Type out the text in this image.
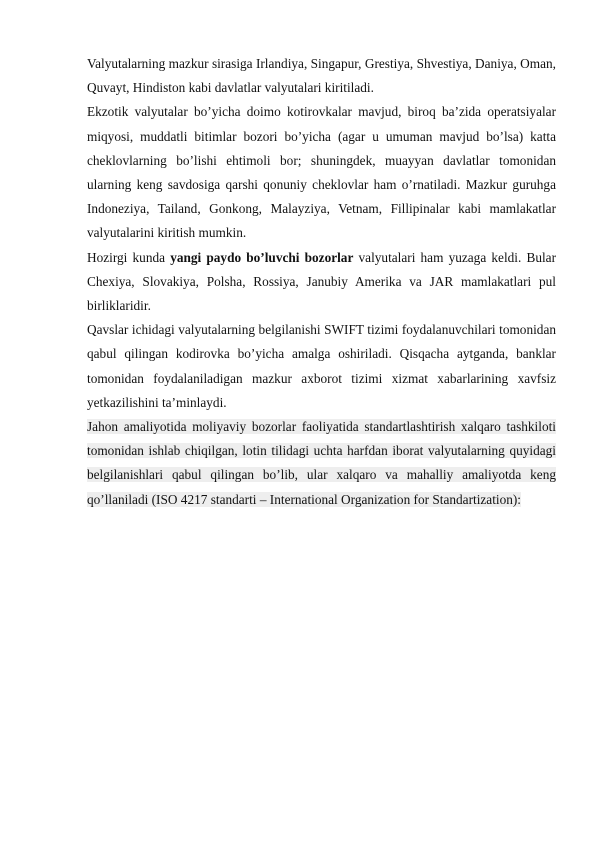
Valyutalarning mazkur sirasiga Irlandiya, Singapur, Grestiya, Shvestiya, Daniya, Oman, Quvayt, Hindiston kabi davlatlar valyutalari kiritiladi.

Ekzotik valyutalar bo’yicha doimo kotirovkalar mavjud, biroq ba’zida operatsiyalar miqyosi, muddatli bitimlar bozori bo’yicha (agar u umuman mavjud bo’lsa) katta cheklovlarning bo’lishi ehtimoli bor; shuningdek, muayyan davlatlar tomonidan ularning keng savdosiga qarshi qonuniy cheklovlar ham o’rnatiladi. Mazkur guruhga Indoneziya, Tailand, Gonkong, Malayziya, Vetnam, Fillipinalar kabi mamlakatlar valyutalarini kiritish mumkin.

Hozirgi kunda yangi paydo bo’luvchi bozorlar valyutalari ham yuzaga keldi. Bular Chexiya, Slovakiya, Polsha, Rossiya, Janubiy Amerika va JAR mamlakatlari pul birliklaridir.

Qavslar ichidagi valyutalarning belgilanishi SWIFT tizimi foydalanuvchilari tomonidan qabul qilingan kodirovka bo’yicha amalga oshiriladi. Qisqacha aytganda, banklar tomonidan foydalaniladigan mazkur axborot tizimi xizmat xabarlarining xavfsiz yetkazilishini ta’minlaydi.

Jahon amaliyotida moliyaviy bozorlar faoliyatida standartlashtirish xalqaro tashkiloti tomonidan ishlab chiqilgan, lotin tilidagi uchta harfdan iborat valyutalarning quyidagi belgilanishlari qabul qilingan bo’lib, ular xalqaro va mahalliy amaliyotda keng qo’llaniladi (ISO 4217 standarti – International Organization for Standartization):
